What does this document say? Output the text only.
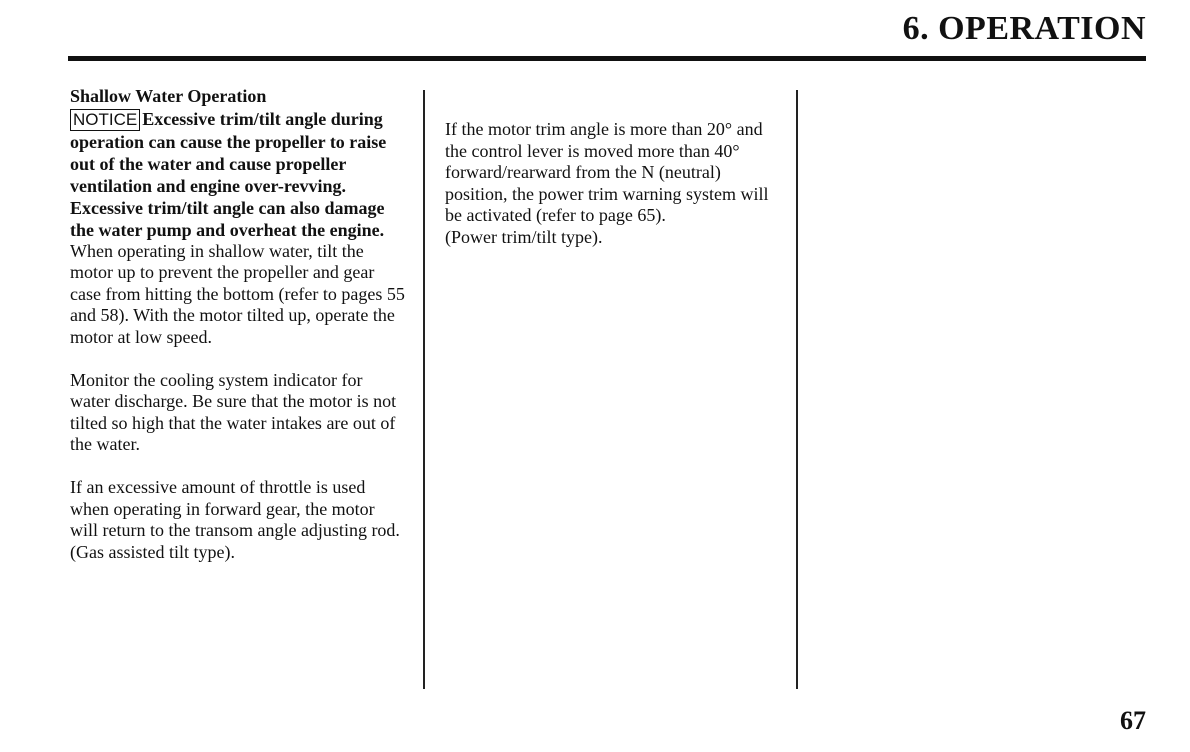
6. OPERATION

Shallow Water Operation

NOTICE Excessive trim/tilt angle during operation can cause the propeller to raise out of the water and cause propeller ventilation and engine over-revving. Excessive trim/tilt angle can also damage the water pump and overheat the engine.

When operating in shallow water, tilt the motor up to prevent the propeller and gear case from hitting the bottom (refer to pages 55 and 58). With the motor tilted up, operate the motor at low speed.

Monitor the cooling system indicator for water discharge. Be sure that the motor is not tilted so high that the water intakes are out of the water.

If an excessive amount of throttle is used when operating in forward gear, the motor will return to the transom angle adjusting rod.

(Gas assisted tilt type).

If the motor trim angle is more than 20° and the control lever is moved more than 40° forward/rearward from the N (neutral) position, the power trim warning system will be activated (refer to page 65).

(Power trim/tilt type).

67
